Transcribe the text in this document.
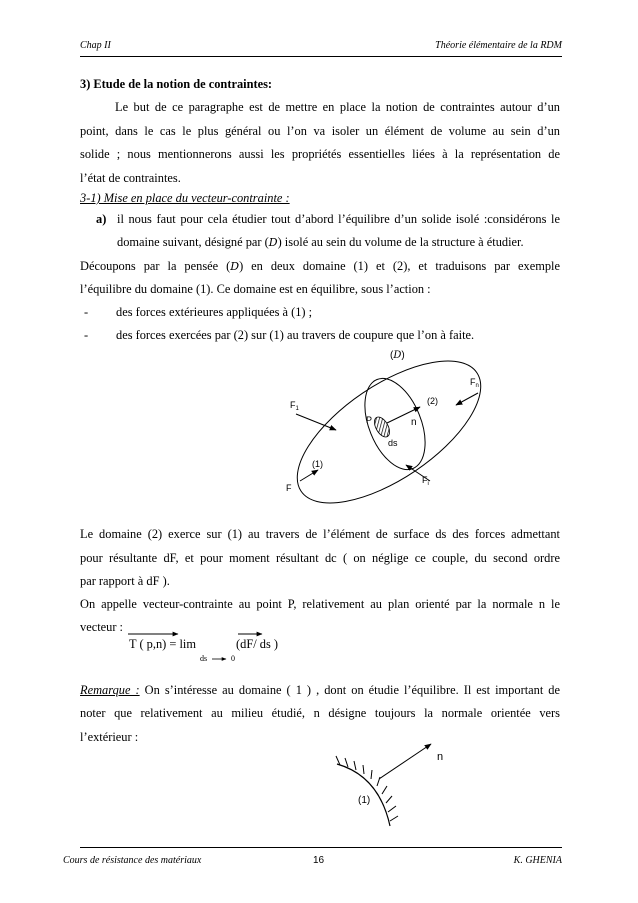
Chap II	Théorie élémentaire de la RDM
3) Etude de la notion de contraintes:
Le but de ce paragraphe est de mettre en place la notion de contraintes autour d’un
point, dans le cas le plus général ou l’on va isoler un élément de volume au sein d’un
solide ; nous mentionnerons aussi les propriétés essentielles liées à la représentation de
l’état de contraintes.
3-1) Mise en place du vecteur-contrainte :
a) il nous faut pour cela étudier tout d’abord l’équilibre d’un solide isolé :considérons le
domaine suivant, désigné par (D) isolé au sein du volume de la structure à étudier.
Découpons par la pensée (D) en deux domaine (1) et (2), et traduisons par exemple
l’équilibre du domaine (1). Ce domaine est en équilibre, sous l’action :
- des forces extérieures appliquées à (1) ;
- des forces exercées par (2) sur (1) au travers de coupure que l’on à faite.
(D)
$F_n$
$F_1$
(2)
P	n
ds
(1)
$F_i$
F
Le domaine (2) exerce sur (1) au travers de l’élément de surface ds des forces admettant
pour résultante dF, et pour moment résultant dc ( on néglige ce couple, du second ordre
par rapport à dF ).
On appelle vecteur-contrainte au point P, relativement au plan orienté par la normale n le
vecteur :
T ( p,n) = lim	(dF/ ds )
ds	0
Remarque : On s’intéresse au domaine ( 1 ) , dont on étudie l’équilibre. Il est important de
noter que relativement au milieu étudié, n désigne toujours la normale orientée vers
l’extérieur :
n
(1)
Cours de résistance des matériaux	16	K. GHENIA
